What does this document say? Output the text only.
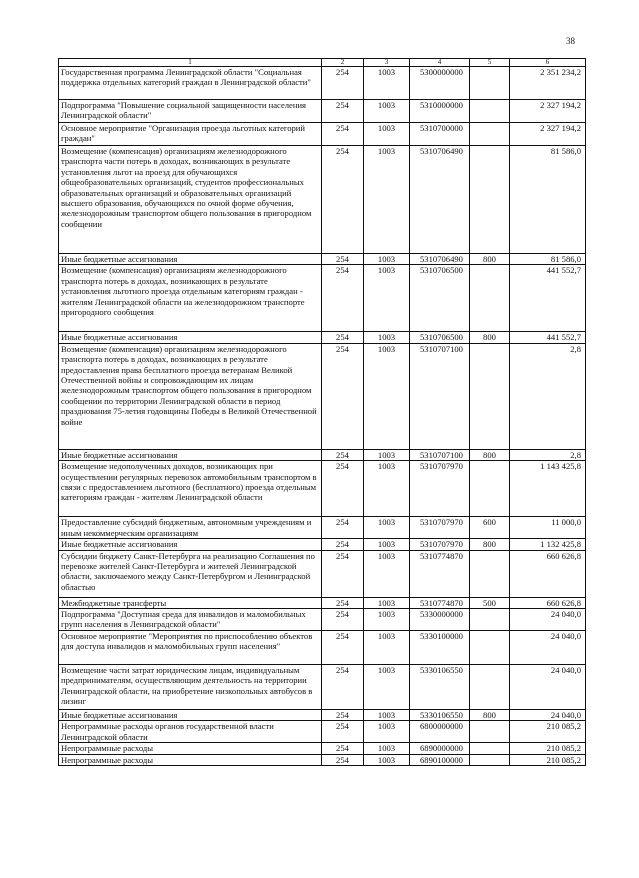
38
1	2	3	4	5	6
Государственная программа Ленинградской области "Социальная поддержка отдельных категорий граждан в Ленинградской области"	254	1003	5300000000		2 351 234,2
Подпрограмма "Повышение социальной защищенности населения Ленинградской области"	254	1003	5310000000		2 327 194,2
Основное мероприятие "Организация проезда льготных категорий граждан"	254	1003	5310700000		2 327 194,2
Возмещение (компенсация) организациям железнодорожного транспорта части потерь в доходах, возникающих в результате установления льгот на проезд для обучающихся общеобразовательных организаций, студентов профессиональных образовательных организаций и образовательных организаций высшего образования, обучающихся по очной форме обучения, железнодорожным транспортом общего пользования в пригородном сообщении	254	1003	5310706490		81 586,0
Иные бюджетные ассигнования	254	1003	5310706490	800	81 586,0
Возмещение (компенсация) организациям железнодорожного транспорта потерь в доходах, возникающих в результате установления льготного проезда отдельным категориям граждан - жителям Ленинградской области на железнодорожном транспорте пригородного сообщения	254	1003	5310706500		441 552,7
Иные бюджетные ассигнования	254	1003	5310706500	800	441 552,7
Возмещение (компенсация) организациям железнодорожного транспорта потерь в доходах, возникающих в результате предоставления права бесплатного проезда ветеранам Великой Отечественной войны и сопровождающим их лицам железнодорожным транспортом общего пользования в пригородном сообщении по территории Ленинградской области в период празднования 75-летия годовщины Победы в Великой Отечественной войне	254	1003	5310707100		2,8
Иные бюджетные ассигнования	254	1003	5310707100	800	2,8
Возмещение недополученных доходов, возникающих при осуществлении регулярных перевозок автомобильным транспортом в связи с предоставлением льготного (бесплатного) проезда отдельным категориям граждан - жителям Ленинградской области	254	1003	5310707970		1 143 425,8
Предоставление субсидий бюджетным, автономным учреждениям и иным некоммерческим организациям	254	1003	5310707970	600	11 000,0
Иные бюджетные ассигнования	254	1003	5310707970	800	1 132 425,8
Субсидии бюджету Санкт-Петербурга на реализацию Соглашения по перевозке жителей Санкт-Петербурга и жителей Ленинградской области, заключаемого между Санкт-Петербургом и Ленинградской областью	254	1003	5310774870		660 626,8
Межбюджетные трансферты	254	1003	5310774870	500	660 626,8
Подпрограмма "Доступная среда для инвалидов и маломобильных групп населения в Ленинградской области"	254	1003	5330000000		24 040,0
Основное мероприятие "Мероприятия по приспособлению объектов для доступа инвалидов и маломобильных групп населения"	254	1003	5330100000		24 040,0
Возмещение части затрат юридическим лицам, индивидуальным предпринимателям, осуществляющим деятельность на территории Ленинградской области, на приобретение низкопольных автобусов в лизинг	254	1003	5330106550		24 040,0
Иные бюджетные ассигнования	254	1003	5330106550	800	24 040,0
Непрограммные расходы органов государственной власти Ленинградской области	254	1003	6800000000		210 085,2
Непрограммные расходы	254	1003	6890000000		210 085,2
Непрограммные расходы	254	1003	6890100000		210 085,2
